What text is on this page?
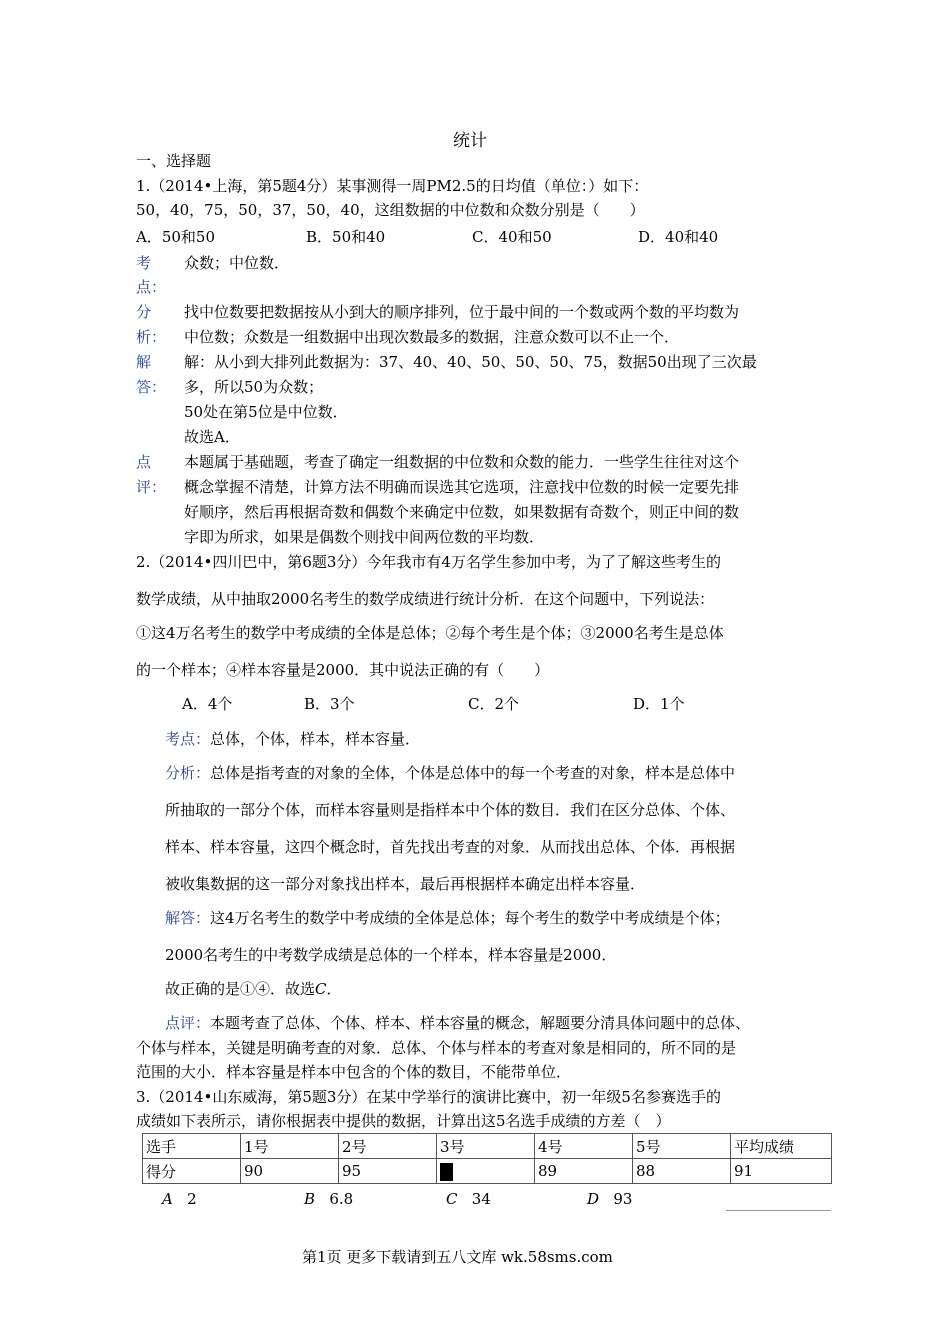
统计
一、选择题
1.（2014•上海，第5题4分）某事测得一周PM2.5的日均值（单位：）如下：
50，40，75，50，37，50，40，这组数据的中位数和众数分别是（　　）
A．50和50	B．50和40	C．40和50	D．40和40
考
点：
众数；中位数．
分
析：
找中位数要把数据按从小到大的顺序排列，位于最中间的一个数或两个数的平均数为
中位数；众数是一组数据中出现次数最多的数据，注意众数可以不止一个．
解
答：
解：从小到大排列此数据为：37、40、40、50、50、50、75，数据50出现了三次最
多，所以50为众数；
50处在第5位是中位数．
故选A．
点
评：
本题属于基础题，考查了确定一组数据的中位数和众数的能力．一些学生往往对这个
概念掌握不清楚，计算方法不明确而误选其它选项，注意找中位数的时候一定要先排
好顺序，然后再根据奇数和偶数个来确定中位数，如果数据有奇数个，则正中间的数
字即为所求，如果是偶数个则找中间两位数的平均数．
2.（2014•四川巴中，第6题3分）今年我市有4万名学生参加中考，为了了解这些考生的
数学成绩，从中抽取2000名考生的数学成绩进行统计分析．在这个问题中，下列说法：
①这4万名考生的数学中考成绩的全体是总体；②每个考生是个体；③2000名考生是总体
的一个样本；④样本容量是2000．其中说法正确的有（　　）
A．4个	B．3个	C．2个	D．1个
考点：总体，个体，样本，样本容量．
分析：总体是指考查的对象的全体，个体是总体中的每一个考查的对象，样本是总体中
所抽取的一部分个体，而样本容量则是指样本中个体的数目．我们在区分总体、个体、
样本、样本容量，这四个概念时，首先找出考查的对象．从而找出总体、个体．再根据
被收集数据的这一部分对象找出样本，最后再根据样本确定出样本容量．
解答：这4万名考生的数学中考成绩的全体是总体；每个考生的数学中考成绩是个体；
2000名考生的中考数学成绩是总体的一个样本，样本容量是2000．
故正确的是①④．故选C．
点评：本题考查了总体、个体、样本、样本容量的概念，解题要分清具体问题中的总体、
个体与样本，关键是明确考查的对象．总体、个体与样本的考查对象是相同的，所不同的是
范围的大小．样本容量是样本中包含的个体的数目，不能带单位．
3.（2014•山东威海，第5题3分）在某中学举行的演讲比赛中，初一年级5名参赛选手的
成绩如下表所示，请你根据表中提供的数据，计算出这5名选手成绩的方差（　）
选手	1号	2号	3号	4号	5号	平均成绩
得分	90	95		89	88	91
A 2	B 6.8	C 34	D 93
第1页 更多下载请到五八文库 wk.58sms.com
